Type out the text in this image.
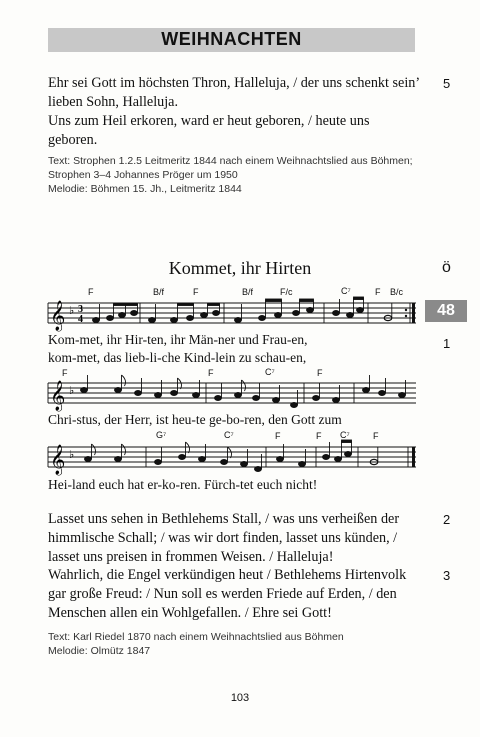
WEIHNACHTEN
5
Ehr sei Gott im höchsten Thron, Halleluja, / der uns schenkt sein’
lieben Sohn, Halleluja.
Uns zum Heil erkoren, ward er heut geboren, / heute uns
geboren.
Text: Strophen 1.2.5 Leitmeritz 1844 nach einem Weihnachtslied aus Böhmen;
Strophen 3–4 Johannes Pröger um 1950
Melodie: Böhmen 15. Jh., Leitmeritz 1844
Kommet, ihr Hirten	ö
48
1
F	B/f	F	B/f	F/c	C⁷	F B/c
𝄞 ♭ 3
4
Kom-met, ihr Hir-ten, ihr Män-ner und Frau-en,
kom-met, das lieb-li-che Kind-lein zu schau-en,
F	F	C⁷	F
𝄞 ♭
Chri-stus, der Herr, ist heu-te ge-bo-ren, den Gott zum
G⁷	C⁷	F	F C⁷	F
𝄞 ♭
Hei-land euch hat er-ko-ren. Fürch-tet euch nicht!
2
Lasset uns sehen in Bethlehems Stall, / was uns verheißen der
himmlische Schall; / was wir dort finden, lasset uns künden, /
lasset uns preisen in frommen Weisen. / Halleluja!
3
Wahrlich, die Engel verkündigen heut / Bethlehems Hirtenvolk
gar große Freud: / Nun soll es werden Friede auf Erden, / den
Menschen allen ein Wohlgefallen. / Ehre sei Gott!
Text: Karl Riedel 1870 nach einem Weihnachtslied aus Böhmen
Melodie: Olmütz 1847
103
